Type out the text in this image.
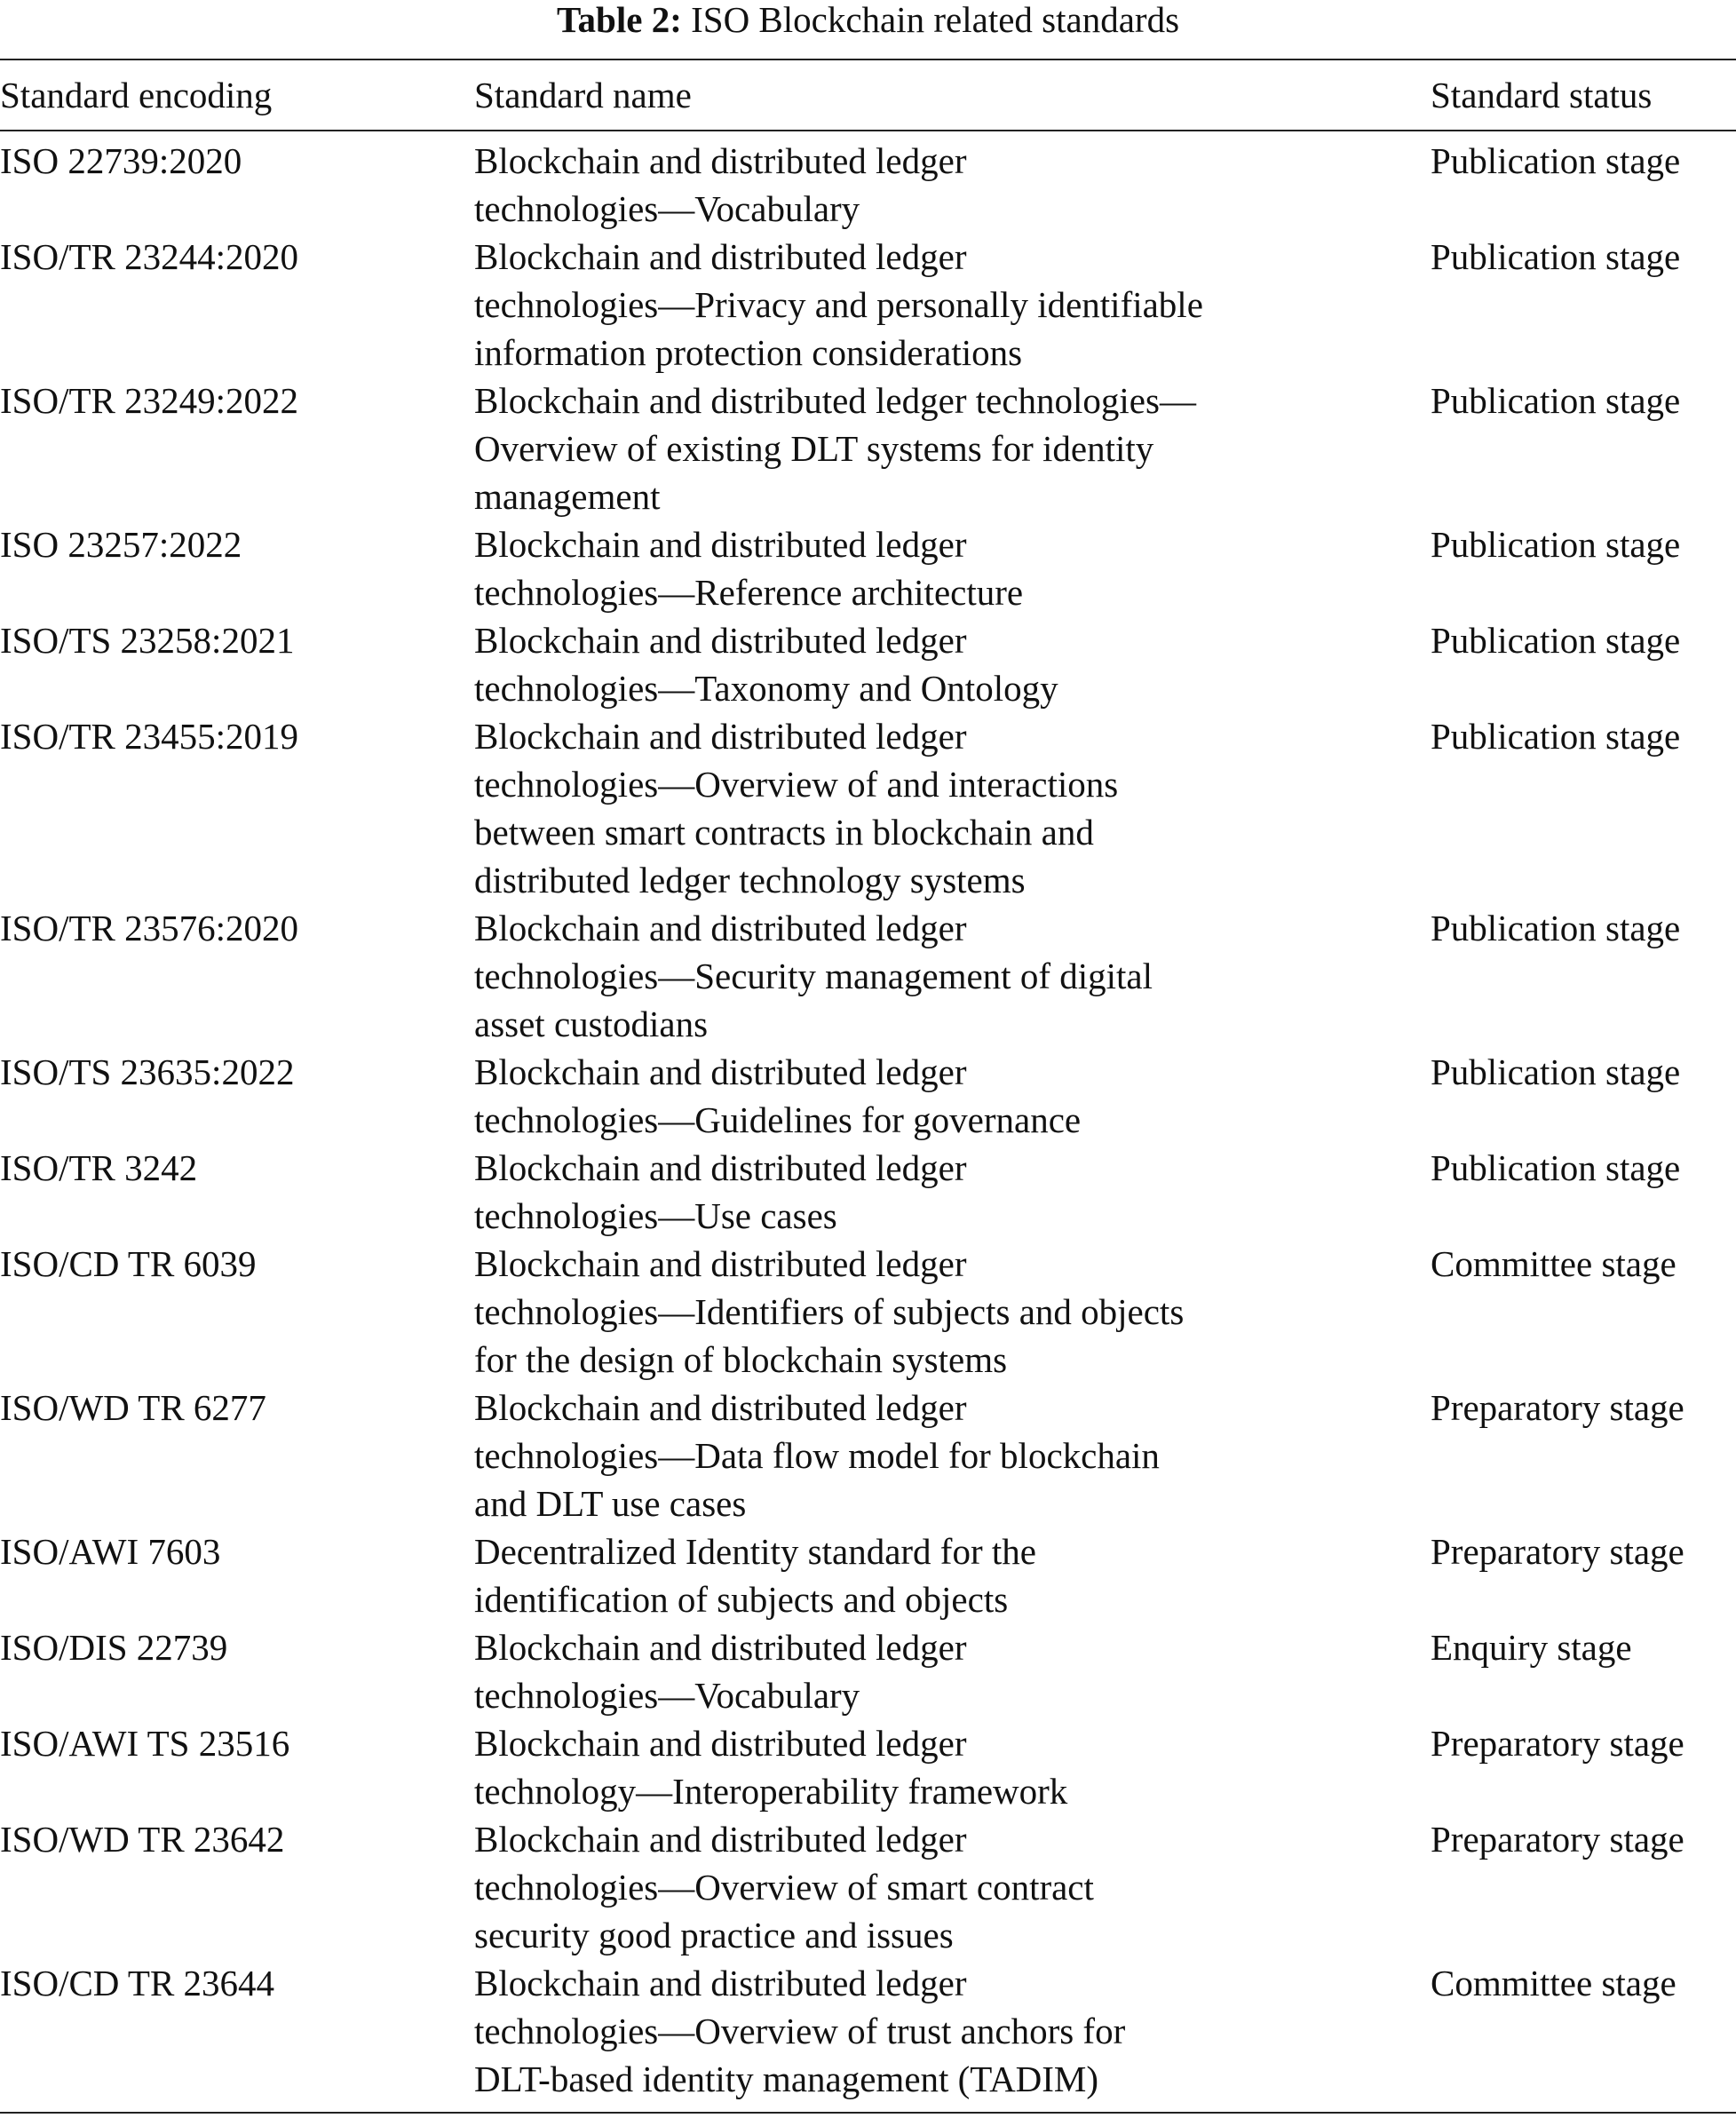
Table 2: ISO Blockchain related standards
Standard encoding	Standard name	Standard status
ISO 22739:2020	Blockchain and distributed ledger
technologies—Vocabulary
Publication stage
ISO/TR 23244:2020	Blockchain and distributed ledger
technologies—Privacy and personally identifiable
information protection considerations
Publication stage
ISO/TR 23249:2022	Blockchain and distributed ledger technologies—
Overview of existing DLT systems for identity
management
Publication stage
ISO 23257:2022	Blockchain and distributed ledger
technologies—Reference architecture
Publication stage
ISO/TS 23258:2021	Blockchain and distributed ledger
technologies—Taxonomy and Ontology
Publication stage
ISO/TR 23455:2019	Blockchain and distributed ledger
technologies—Overview of and interactions
between smart contracts in blockchain and
distributed ledger technology systems
Publication stage
ISO/TR 23576:2020	Blockchain and distributed ledger
technologies—Security management of digital
asset custodians
Publication stage
ISO/TS 23635:2022	Blockchain and distributed ledger
technologies—Guidelines for governance
Publication stage
ISO/TR 3242	Blockchain and distributed ledger
technologies—Use cases
Publication stage
ISO/CD TR 6039	Blockchain and distributed ledger
technologies—Identifiers of subjects and objects
for the design of blockchain systems
Committee stage
ISO/WD TR 6277	Blockchain and distributed ledger
technologies—Data flow model for blockchain
and DLT use cases
Preparatory stage
ISO/AWI 7603	Decentralized Identity standard for the
identification of subjects and objects
Preparatory stage
ISO/DIS 22739	Blockchain and distributed ledger
technologies—Vocabulary
Enquiry stage
ISO/AWI TS 23516	Blockchain and distributed ledger
technology—Interoperability framework
Preparatory stage
ISO/WD TR 23642	Blockchain and distributed ledger
technologies—Overview of smart contract
security good practice and issues
Preparatory stage
ISO/CD TR 23644	Blockchain and distributed ledger
technologies—Overview of trust anchors for
DLT-based identity management (TADIM)
Committee stage
